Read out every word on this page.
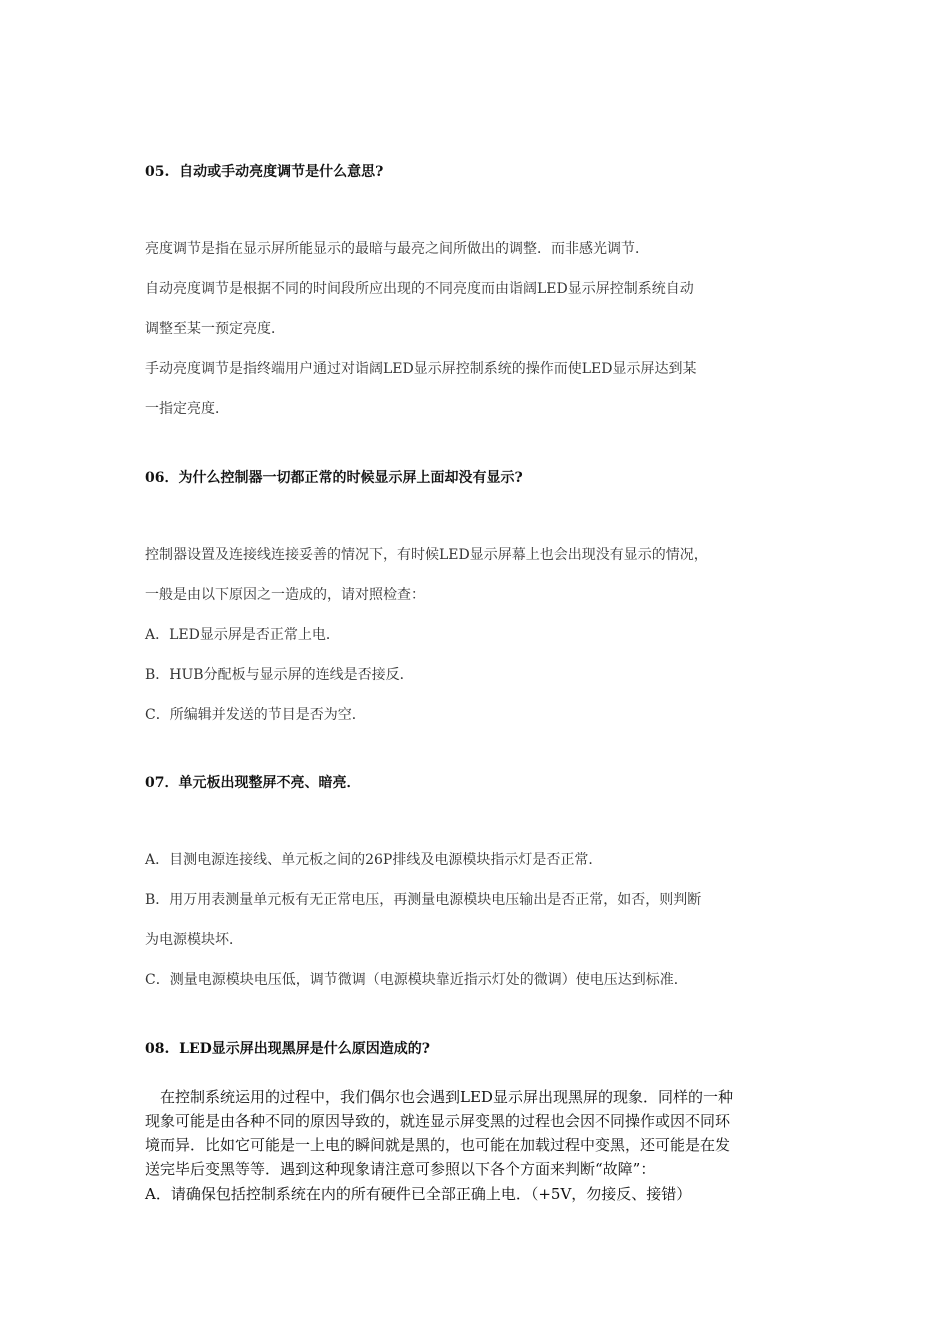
05.  自动或手动亮度调节是什么意思?
亮度调节是指在显示屏所能显示的最暗与最亮之间所做出的调整．而非感光调节．
自动亮度调节是根据不同的时间段所应出现的不同亮度而由诣阔LED显示屏控制系统自动
调整至某一预定亮度．
手动亮度调节是指终端用户通过对诣阔LED显示屏控制系统的操作而使LED显示屏达到某
一指定亮度．
06．为什么控制器一切都正常的时候显示屏上面却没有显示?
控制器设置及连接线连接妥善的情况下，有时候LED显示屏幕上也会出现没有显示的情况，
一般是由以下原因之一造成的，请对照检查：
A．LED显示屏是否正常上电．
B．HUB分配板与显示屏的连线是否接反．
C．所编辑并发送的节目是否为空．
07．单元板出现整屏不亮、暗亮．
A．目测电源连接线、单元板之间的26P排线及电源模块指示灯是否正常．
B．用万用表测量单元板有无正常电压，再测量电源模块电压输出是否正常，如否，则判断
为电源模块坏．
C．测量电源模块电压低，调节微调（电源模块靠近指示灯处的微调）使电压达到标准．
08.  LED显示屏出现黑屏是什么原因造成的?
　在控制系统运用的过程中，我们偶尔也会遇到LED显示屏出现黑屏的现象．同样的一种
现象可能是由各种不同的原因导致的，就连显示屏变黑的过程也会因不同操作或因不同环
境而异．比如它可能是一上电的瞬间就是黑的，也可能在加载过程中变黑，还可能是在发
送完毕后变黑等等．遇到这种现象请注意可参照以下各个方面来判断“故障”：
A．请确保包括控制系统在内的所有硬件已全部正确上电．（+5V，勿接反、接错）
